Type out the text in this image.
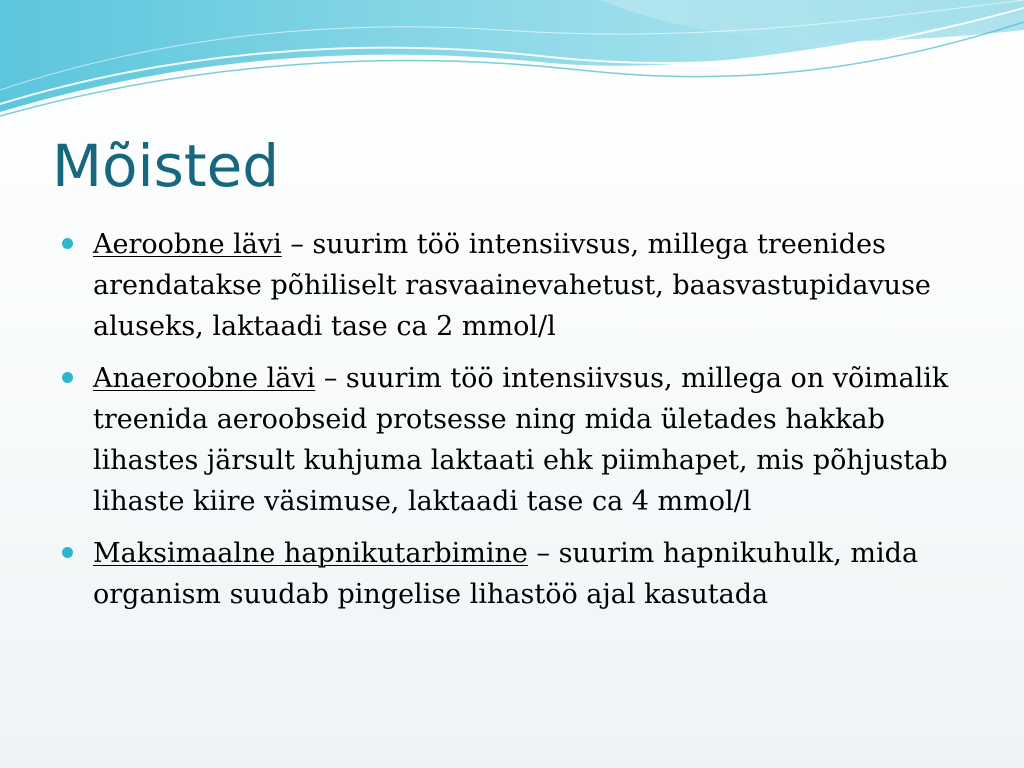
Mõisted
Aeroobne lävi – suurim töö intensiivsus, millega treenides arendatakse põhiliselt rasvaainevahetust, baasvastupidavuse aluseks, laktaadi tase ca 2 mmol/l
Anaeroobne lävi – suurim töö intensiivsus, millega on võimalik treenida aeroobseid protsesse ning mida ületades hakkab lihastes järsult kuhjuma laktaati ehk piimhapet, mis põhjustab lihaste kiire väsimuse, laktaadi tase ca 4 mmol/l
Maksimaalne hapnikutarbimine – suurim hapnikuhulk, mida organism suudab pingelise lihastöö ajal kasutada
